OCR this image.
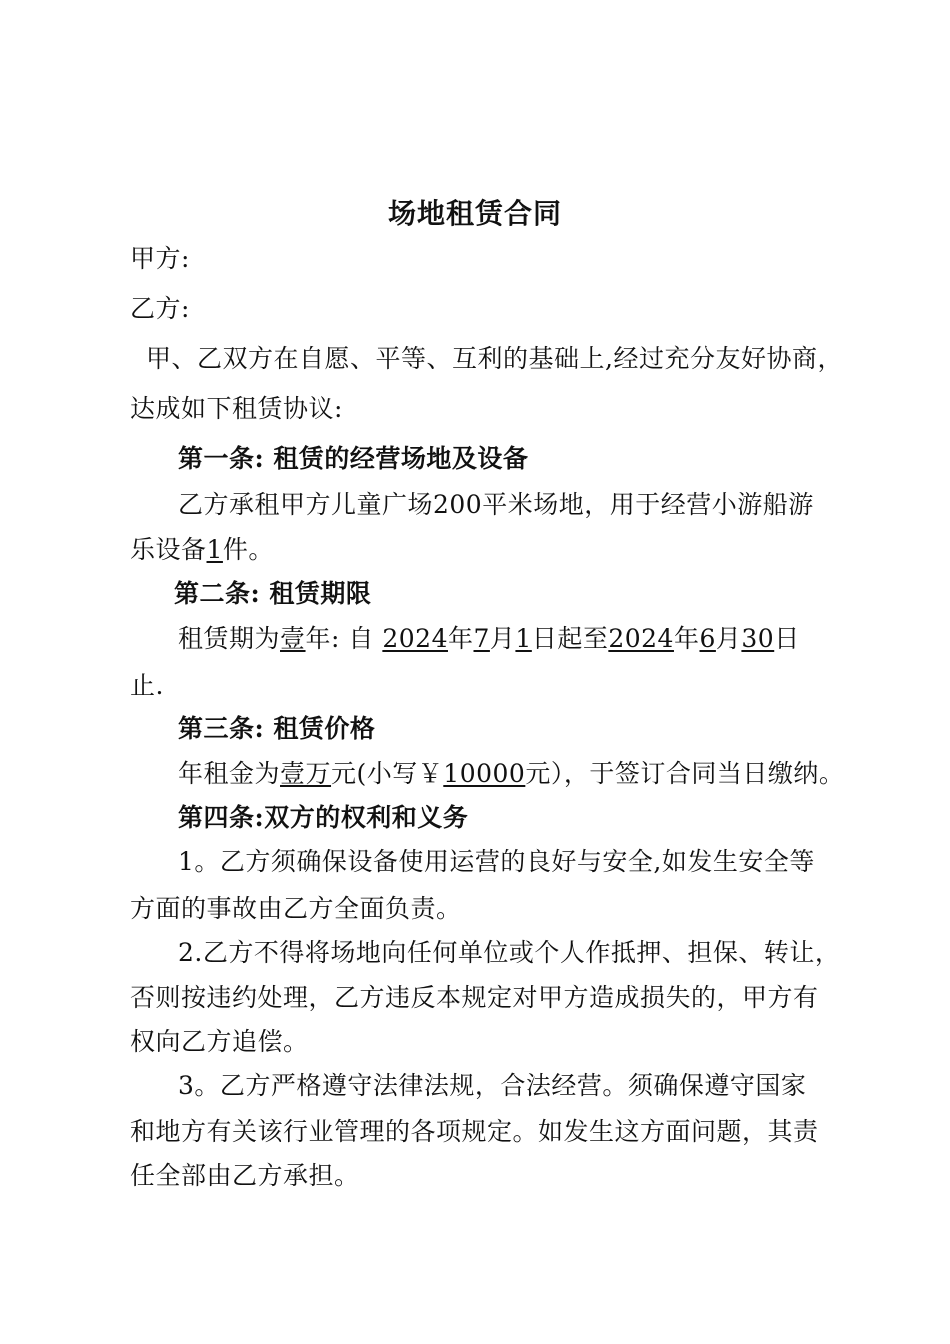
场地租赁合同
甲方:
乙方:
甲、乙双方在自愿、平等、互利的基础上,经过充分友好协商，
达成如下租赁协议:
第一条: 租赁的经营场地及设备
乙方承租甲方儿童广场200平米场地，用于经营小游船游
乐设备1件。
第二条: 租赁期限
租赁期为壹年: 自 2024年7月1日起至2024年6月30日
止.
第三条: 租赁价格
年租金为壹万元(小写￥10000元），于签订合同当日缴纳。
第四条:双方的权利和义务
1。乙方须确保设备使用运营的良好与安全,如发生安全等
方面的事故由乙方全面负责。
2.乙方不得将场地向任何单位或个人作抵押、担保、转让，
否则按违约处理，乙方违反本规定对甲方造成损失的，甲方有
权向乙方追偿。
3。乙方严格遵守法律法规，合法经营。须确保遵守国家
和地方有关该行业管理的各项规定。如发生这方面问题，其责
任全部由乙方承担。
